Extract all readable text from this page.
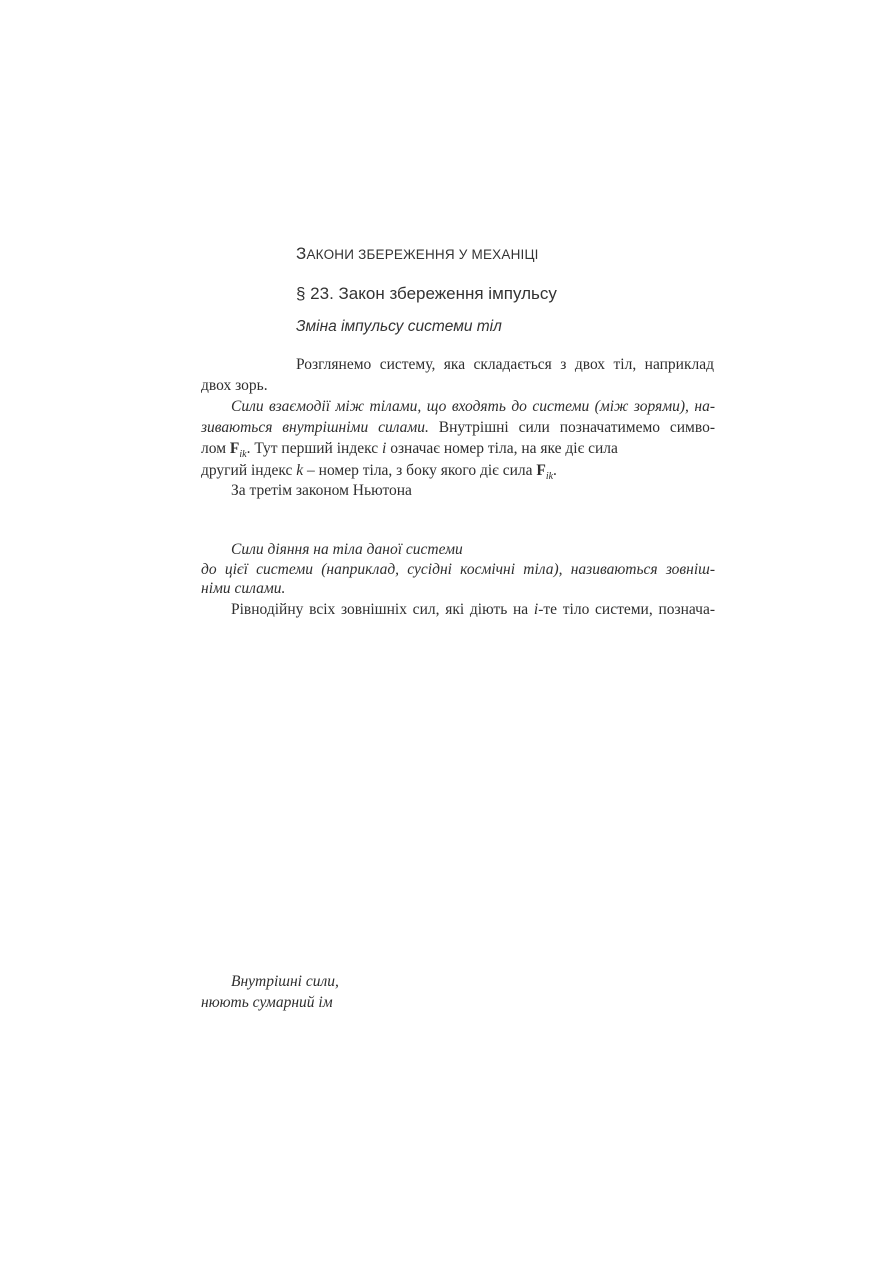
ЗАКОНИ ЗБЕРЕЖЕННЯ У МЕХАНІЦІ
§ 23. Закон збереження імпульсу
Зміна імпульсу системи тіл
Розглянемо систему, яка складається з двох тіл, наприклад
двох зорь.
Сили взаємодії між тілами, що входять до системи (між зорями), на-
зиваються внутрішніми силами. Внутрішні сили позначатимемо симво-
лом $F_{ik}$. Тут перший індекс i означає номер тіла, на яке діє сила
другий індекс k – номер тіла, з боку якого діє сила $F_{ik}$.
За третім законом Ньютона
Сили діяння на тіла даної системи
до цієї системи (наприклад, сусідні космічні тіла), називаються зовніш-
німи силами.
Рівнодійну всіх зовнішніх сил, які діють на i-те тіло системи, познача-
Внутрішні сили,
нюють сумарний ім
